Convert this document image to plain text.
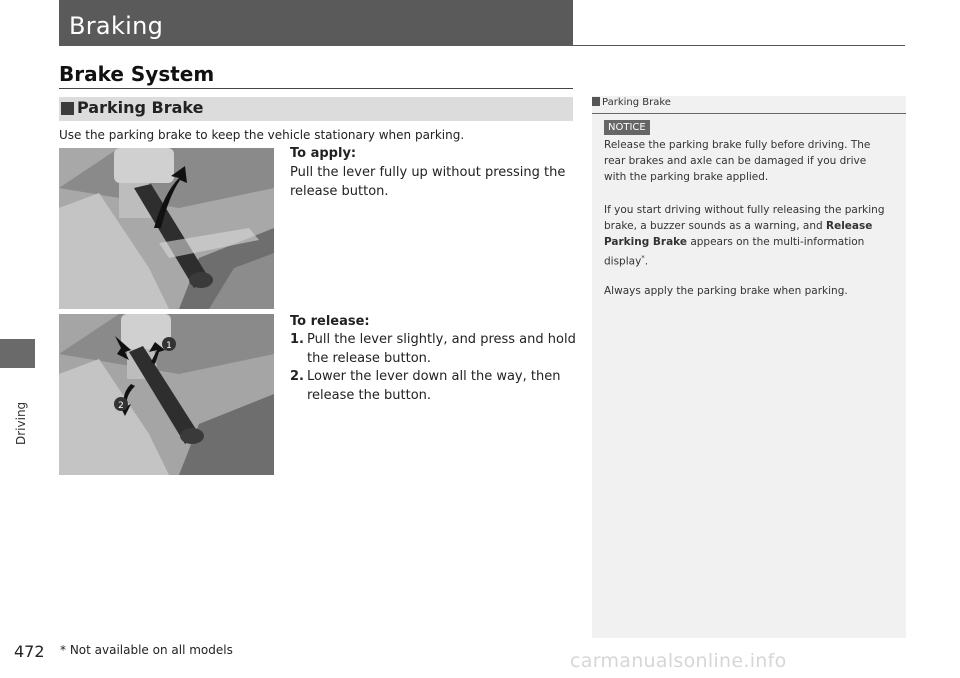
Braking
Driving
Brake System
Parking Brake
Use the parking brake to keep the vehicle stationary when parking.
1
2
To apply:
Pull the lever fully up without pressing the
release button.
To release:
1. Pull the lever slightly, and press and hold
the release button.
2. Lower the lever down all the way, then
release the button.
Parking Brake
NOTICE
Release the parking brake fully before driving. The
rear brakes and axle can be damaged if you drive
with the parking brake applied.
If you start driving without fully releasing the parking
brake, a buzzer sounds as a warning, and Release
Parking Brake appears on the multi-information
display*.
Always apply the parking brake when parking.
472 * Not available on all models	carmanualsonline.info
